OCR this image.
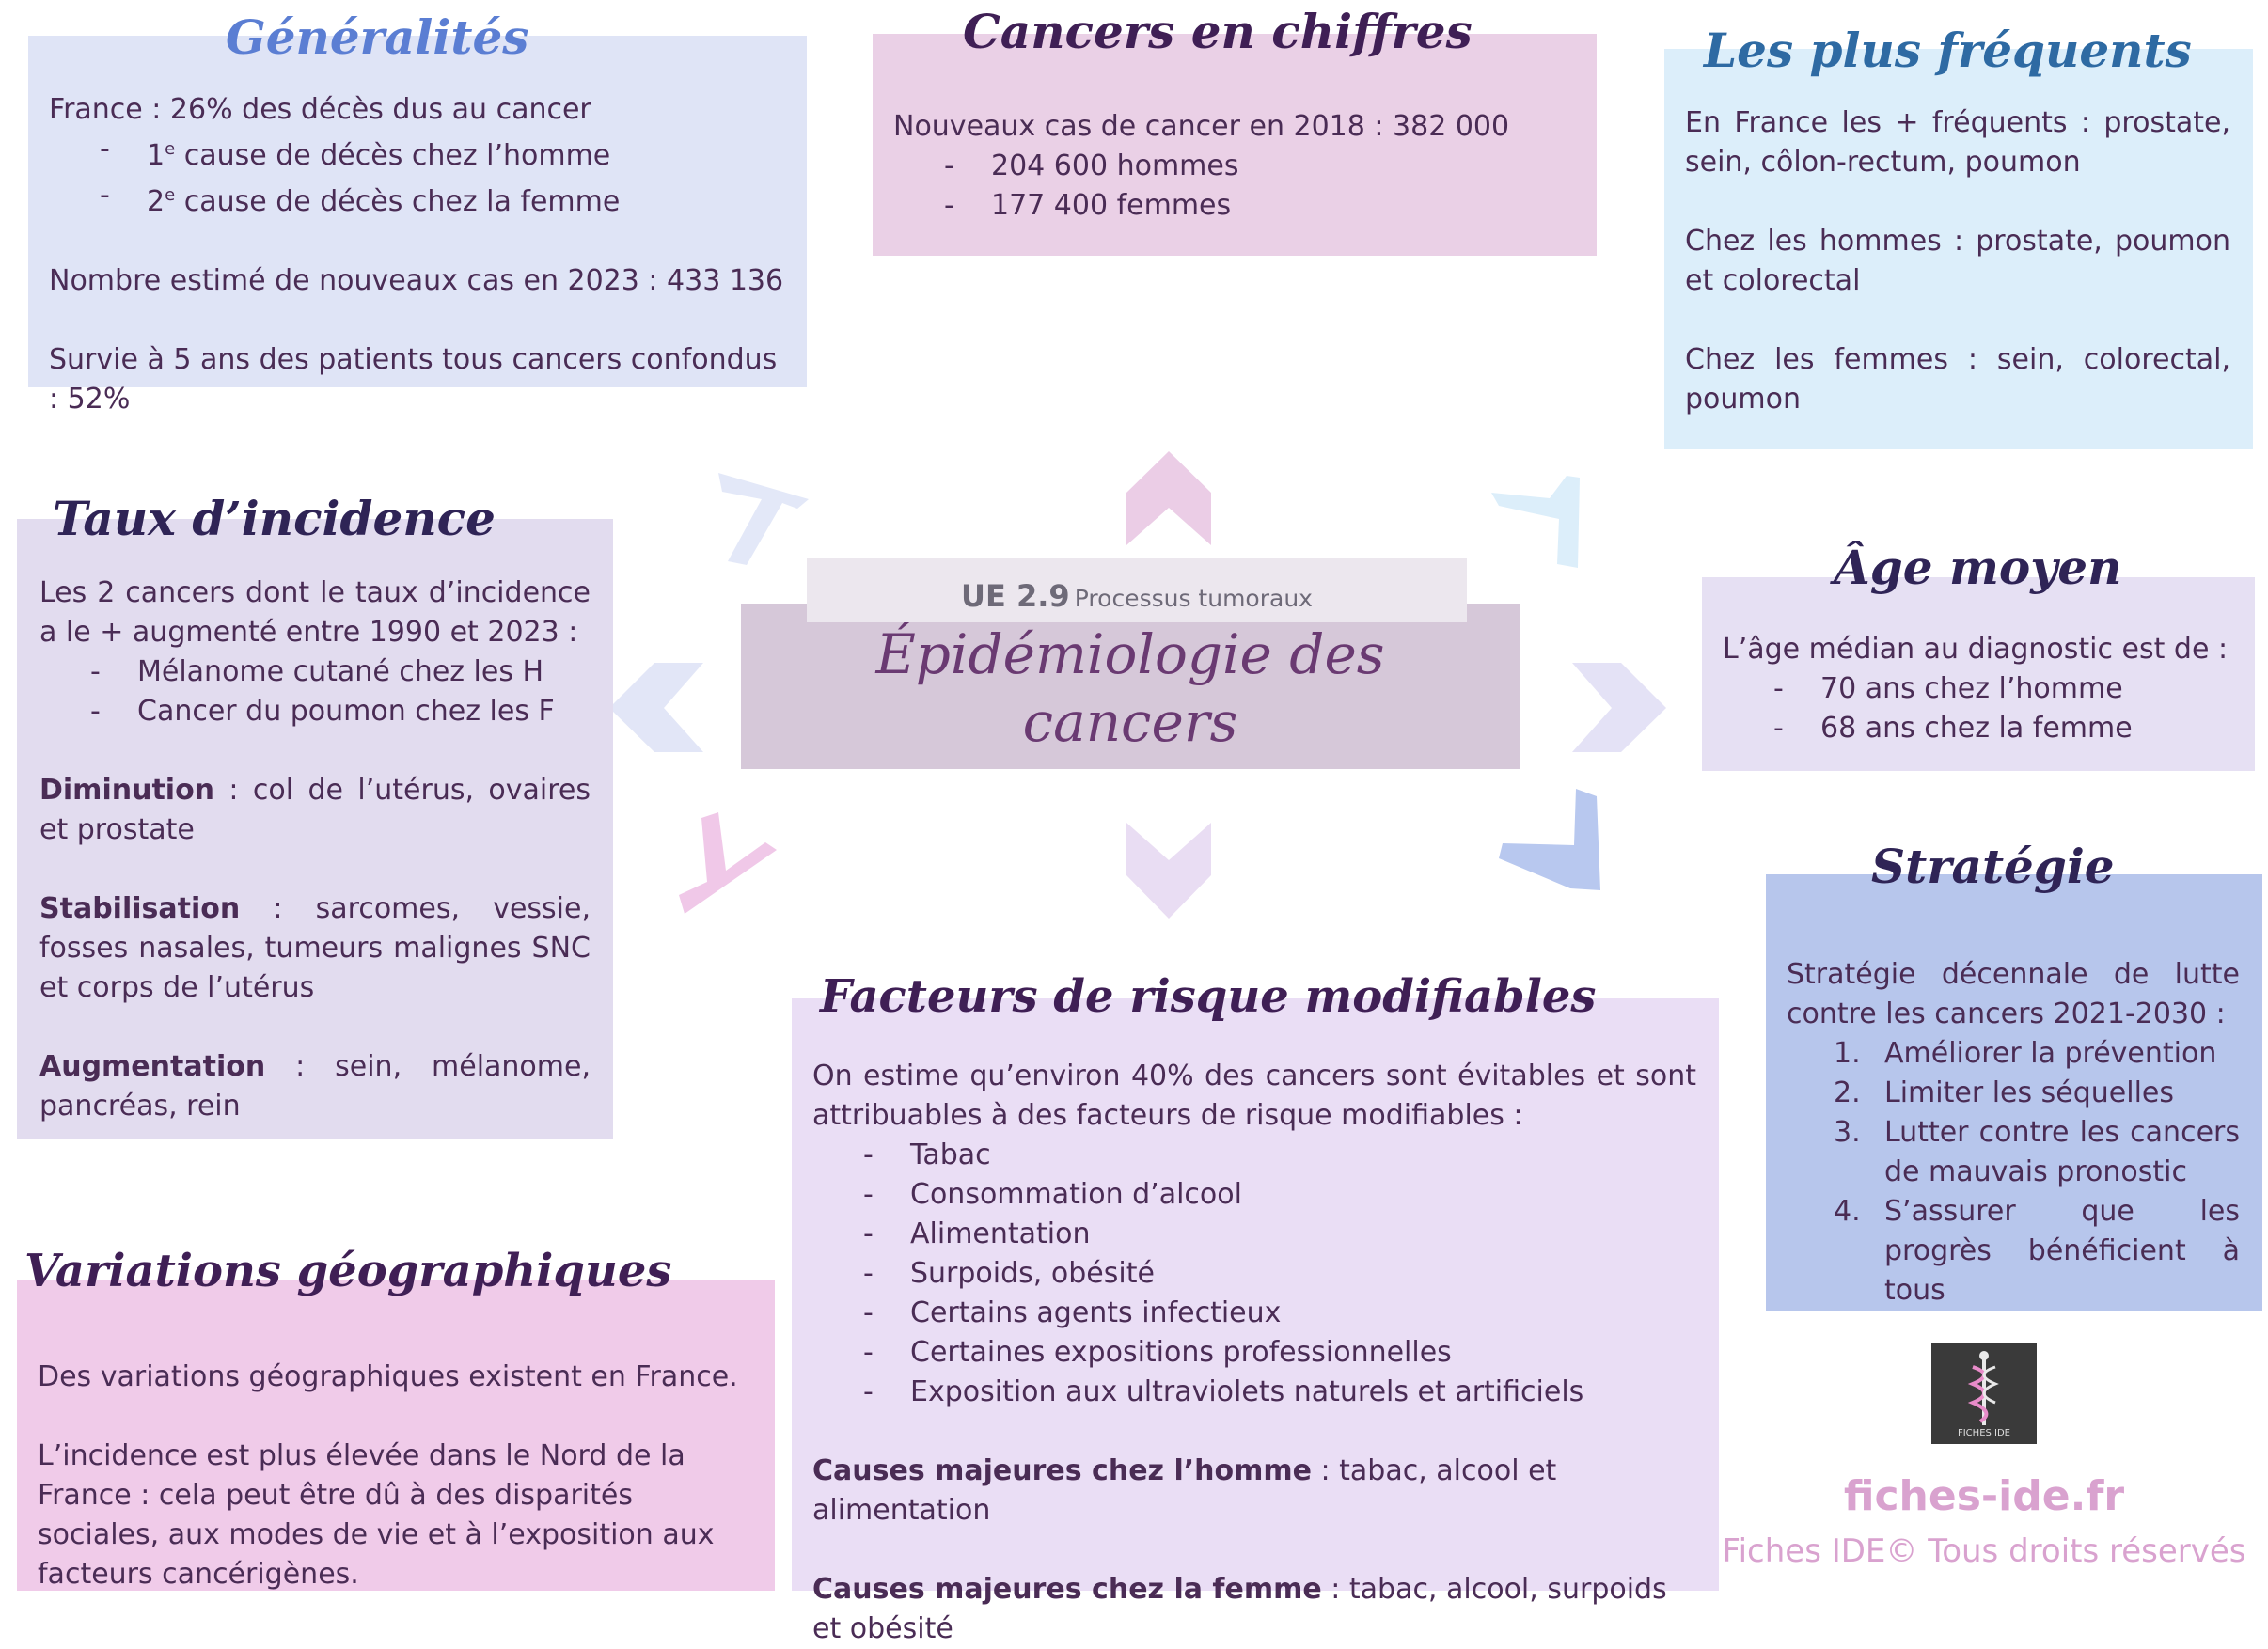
Généralités

France : 26% des décès dus au cancer

- 1e cause de décès chez l’homme
- 2e cause de décès chez la femme

Nombre estimé de nouveaux cas en 2023 : 433 136

Survie à 5 ans des patients tous cancers confondus : 52%

Cancers en chiffres

Nouveaux cas de cancer en 2018 : 382 000

- 204 600 hommes
- 177 400 femmes
Les plus fréquents

En France les + fréquents : prostate, sein, côlon-rectum, poumon

Chez les hommes : prostate, poumon et colorectal

Chez les femmes : sein, colorectal, poumon

Taux d’incidence

Les 2 cancers dont le taux d’incidence a le + augmenté entre 1990 et 2023 :

- Mélanome cutané chez les H
- Cancer du poumon chez les F

Diminution : col de l’utérus, ovaires et prostate

Stabilisation : sarcomes, vessie, fosses nasales, tumeurs malignes SNC et corps de l’utérus

Augmentation : sein, mélanome, pancréas, rein

UE 2.9 Processus tumoraux
Épidémiologie des
cancers
Âge moyen

L’âge médian au diagnostic est de :

- 70 ans chez l’homme
- 68 ans chez la femme
Stratégie

Stratégie décennale de lutte contre les cancers 2021-2030 :

1. Améliorer la prévention
2. Limiter les séquelles
3. Lutter contre les cancers de mauvais pronostic
4. S’assurer que les progrès bénéficient à tous
Facteurs de risque modifiables

On estime qu’environ 40% des cancers sont évitables et sont attribuables à des facteurs de risque modifiables :

- Tabac
- Consommation d’alcool
- Alimentation
- Surpoids, obésité
- Certains agents infectieux
- Certaines expositions professionnelles
- Exposition aux ultraviolets naturels et artificiels

Causes majeures chez l’homme : tabac, alcool et alimentation

Causes majeures chez la femme : tabac, alcool, surpoids et obésité

Variations géographiques

Des variations géographiques existent en France.

L’incidence est plus élevée dans le Nord de la France : cela peut être dû à des disparités sociales, aux modes de vie et à l’exposition aux facteurs cancérigènes.

FICHES IDE
fiches-ide.fr
Fiches IDE© Tous droits réservés
